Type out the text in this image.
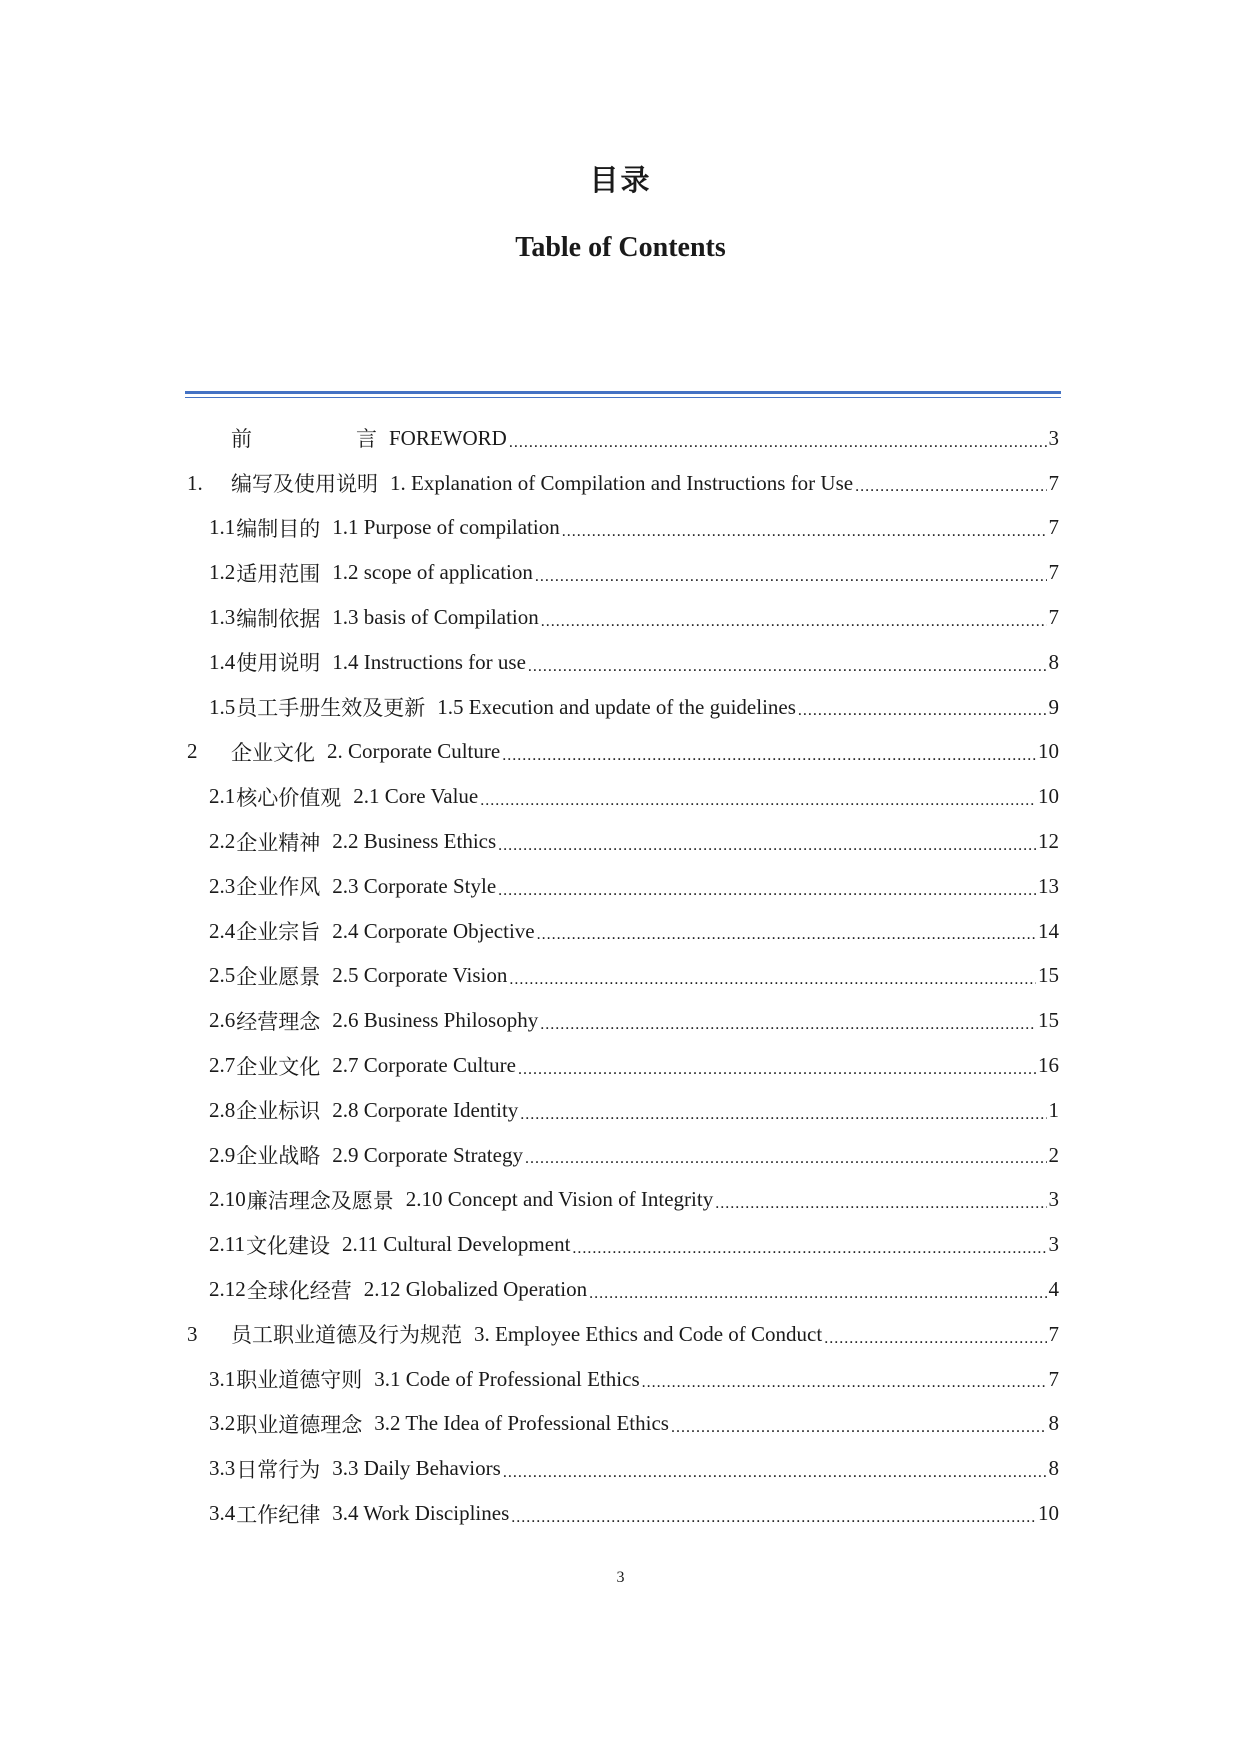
目录
Table of Contents
前	言 FOREWORD .....	3
1.	编写及使用说明 1. Explanation of Compilation and Instructions for Use .....	7
1.1 编制目的 1.1 Purpose of compilation .....	7
1.2 适用范围 1.2 scope of application .....	7
1.3 编制依据 1.3 basis of Compilation .....	7
1.4 使用说明 1.4 Instructions for use .....	8
1.5 员工手册生效及更新 1.5 Execution and update of the guidelines .....	9
2	企业文化 2. Corporate Culture .....	10
2.1 核心价值观 2.1 Core Value .....	10
2.2 企业精神 2.2 Business Ethics .....	12
2.3 企业作风 2.3 Corporate Style .....	13
2.4 企业宗旨 2.4 Corporate Objective .....	14
2.5 企业愿景 2.5 Corporate Vision .....	15
2.6 经营理念 2.6 Business Philosophy .....	15
2.7 企业文化 2.7 Corporate Culture .....	16
2.8 企业标识 2.8 Corporate Identity .....	1
2.9 企业战略 2.9 Corporate Strategy .....	2
2.10 廉洁理念及愿景 2.10 Concept and Vision of Integrity .....	3
2.11 文化建设 2.11 Cultural Development .....	3
2.12 全球化经营 2.12 Globalized Operation .....	4
3	员工职业道德及行为规范 3. Employee Ethics and Code of Conduct .....	7
3.1 职业道德守则 3.1 Code of Professional Ethics .....	7
3.2 职业道德理念 3.2 The Idea of Professional Ethics .....	8
3.3 日常行为 3.3 Daily Behaviors .....	8
3.4 工作纪律 3.4 Work Disciplines .....	10
3
